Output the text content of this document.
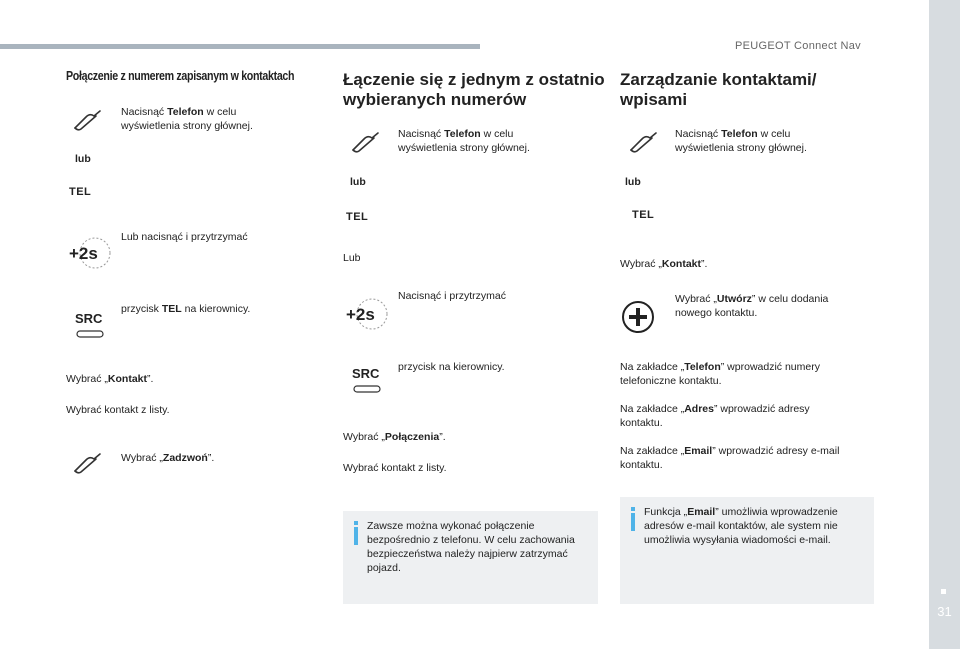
PEUGEOT Connect Nav
31
Połączenie z numerem zapisanym w kontaktach
Nacisnąć Telefon w celu
wyświetlenia strony głównej.
lub
TEL
+2s
Lub nacisnąć i przytrzymać
SRC
przycisk TEL na kierownicy.
Wybrać „Kontakt”.
Wybrać kontakt z listy.
Wybrać „Zadzwoń”.
Łączenie się z jednym z ostatnio
wybieranych numerów
Nacisnąć Telefon w celu
wyświetlenia strony głównej.
lub
TEL
Lub
+2s
Nacisnąć i przytrzymać
SRC przycisk na kierownicy.
Wybrać „Połączenia”.
Wybrać kontakt z listy.
Zawsze można wykonać połączenie bezpośrednio z telefonu. W celu zachowania bezpieczeństwa należy najpierw zatrzymać pojazd.
Zarządzanie kontaktami/
wpisami
Nacisnąć Telefon w celu
wyświetlenia strony głównej.
lub
TEL
Wybrać „Kontakt”.
Wybrać „Utwórz” w celu dodania
nowego kontaktu.
Na zakładce „Telefon” wprowadzić numery
telefoniczne kontaktu.
Na zakładce „Adres” wprowadzić adresy
kontaktu.
Na zakładce „Email” wprowadzić adresy e-mail
kontaktu.
Funkcja „Email” umożliwia wprowadzenie adresów e-mail kontaktów, ale system nie umożliwia wysyłania wiadomości e-mail.
